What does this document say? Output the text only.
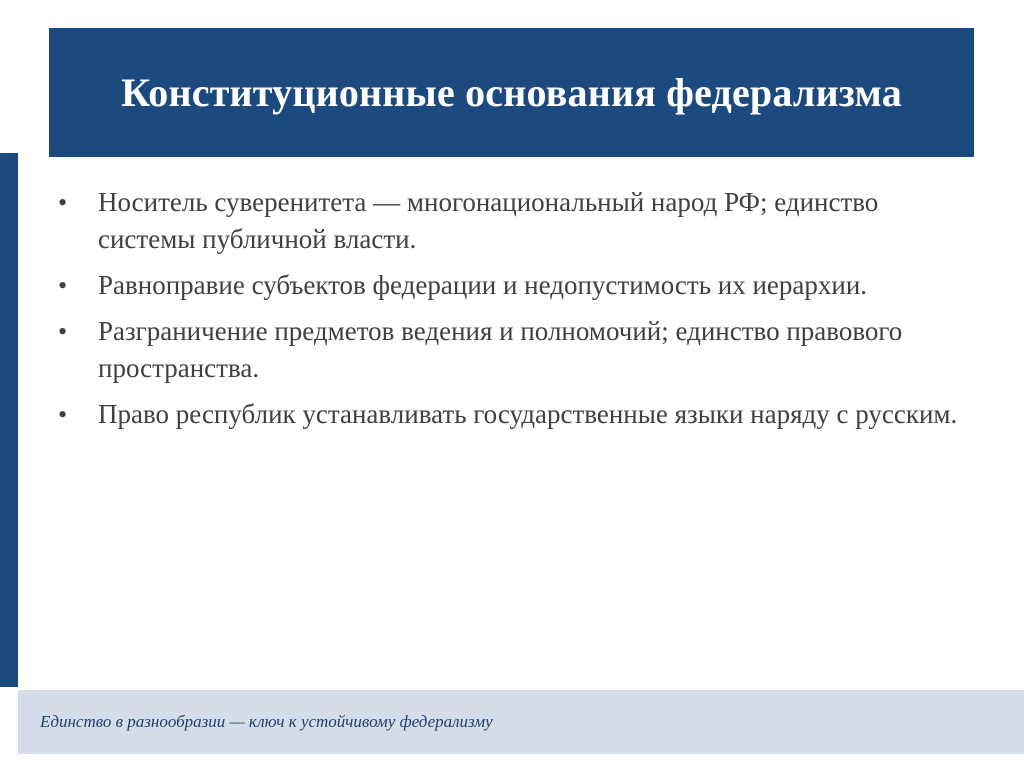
Конституционные основания федерализма
•	Носитель суверенитета — многонациональный народ РФ; единство системы публичной власти.
•	Равноправие субъектов федерации и недопустимость их иерархии.
•	Разграничение предметов ведения и полномочий; единство правового пространства.
•	Право республик устанавливать государственные языки наряду с русским.
Единство в разнообразии — ключ к устойчивому федерализму
